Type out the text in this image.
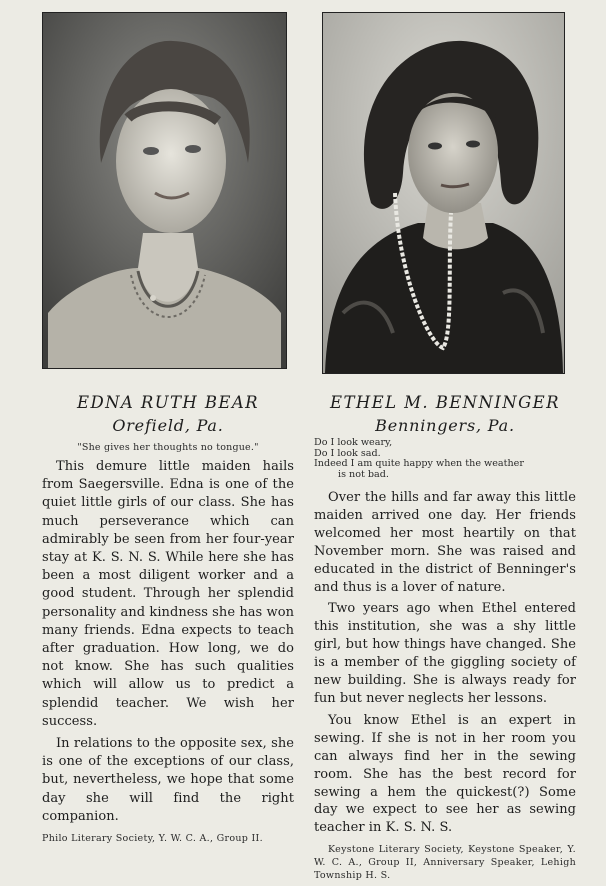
EDNA RUTH BEAR

Orefield, Pa.

"She gives her thoughts no tongue."

This demure little maiden hails from Saegersville. Edna is one of the quiet little girls of our class. She has much perseverance which can admirably be seen from her four-year stay at K. S. N. S. While here she has been a most diligent worker and a good student. Through her splendid personality and kindness she has won many friends. Edna expects to teach after graduation. How long, we do not know. She has such qualities which will allow us to predict a splendid teacher. We wish her success.

In relations to the opposite sex, she is one of the exceptions of our class, but, nevertheless, we hope that some day she will find the right companion.

Philo Literary Society, Y. W. C. A., Group II.

ETHEL M. BENNINGER

Benningers, Pa.

Do I look weary,
Do I look sad.
Indeed I am quite happy when the weather
is not bad.

Over the hills and far away this little maiden arrived one day. Her friends welcomed her most heartily on that November morn. She was raised and educated in the district of Benninger's and thus is a lover of nature.

Two years ago when Ethel entered this institution, she was a shy little girl, but how things have changed. She is a member of the giggling society of new building. She is always ready for fun but never neglects her lessons.

You know Ethel is an expert in sewing. If she is not in her room you can always find her in the sewing room. She has the best record for sewing a hem the quickest(?) Some day we expect to see her as sewing teacher in K. S. N. S.

Keystone Literary Society, Keystone Speaker, Y. W. C. A., Group II, Anniversary Speaker, Lehigh Township H. S.
